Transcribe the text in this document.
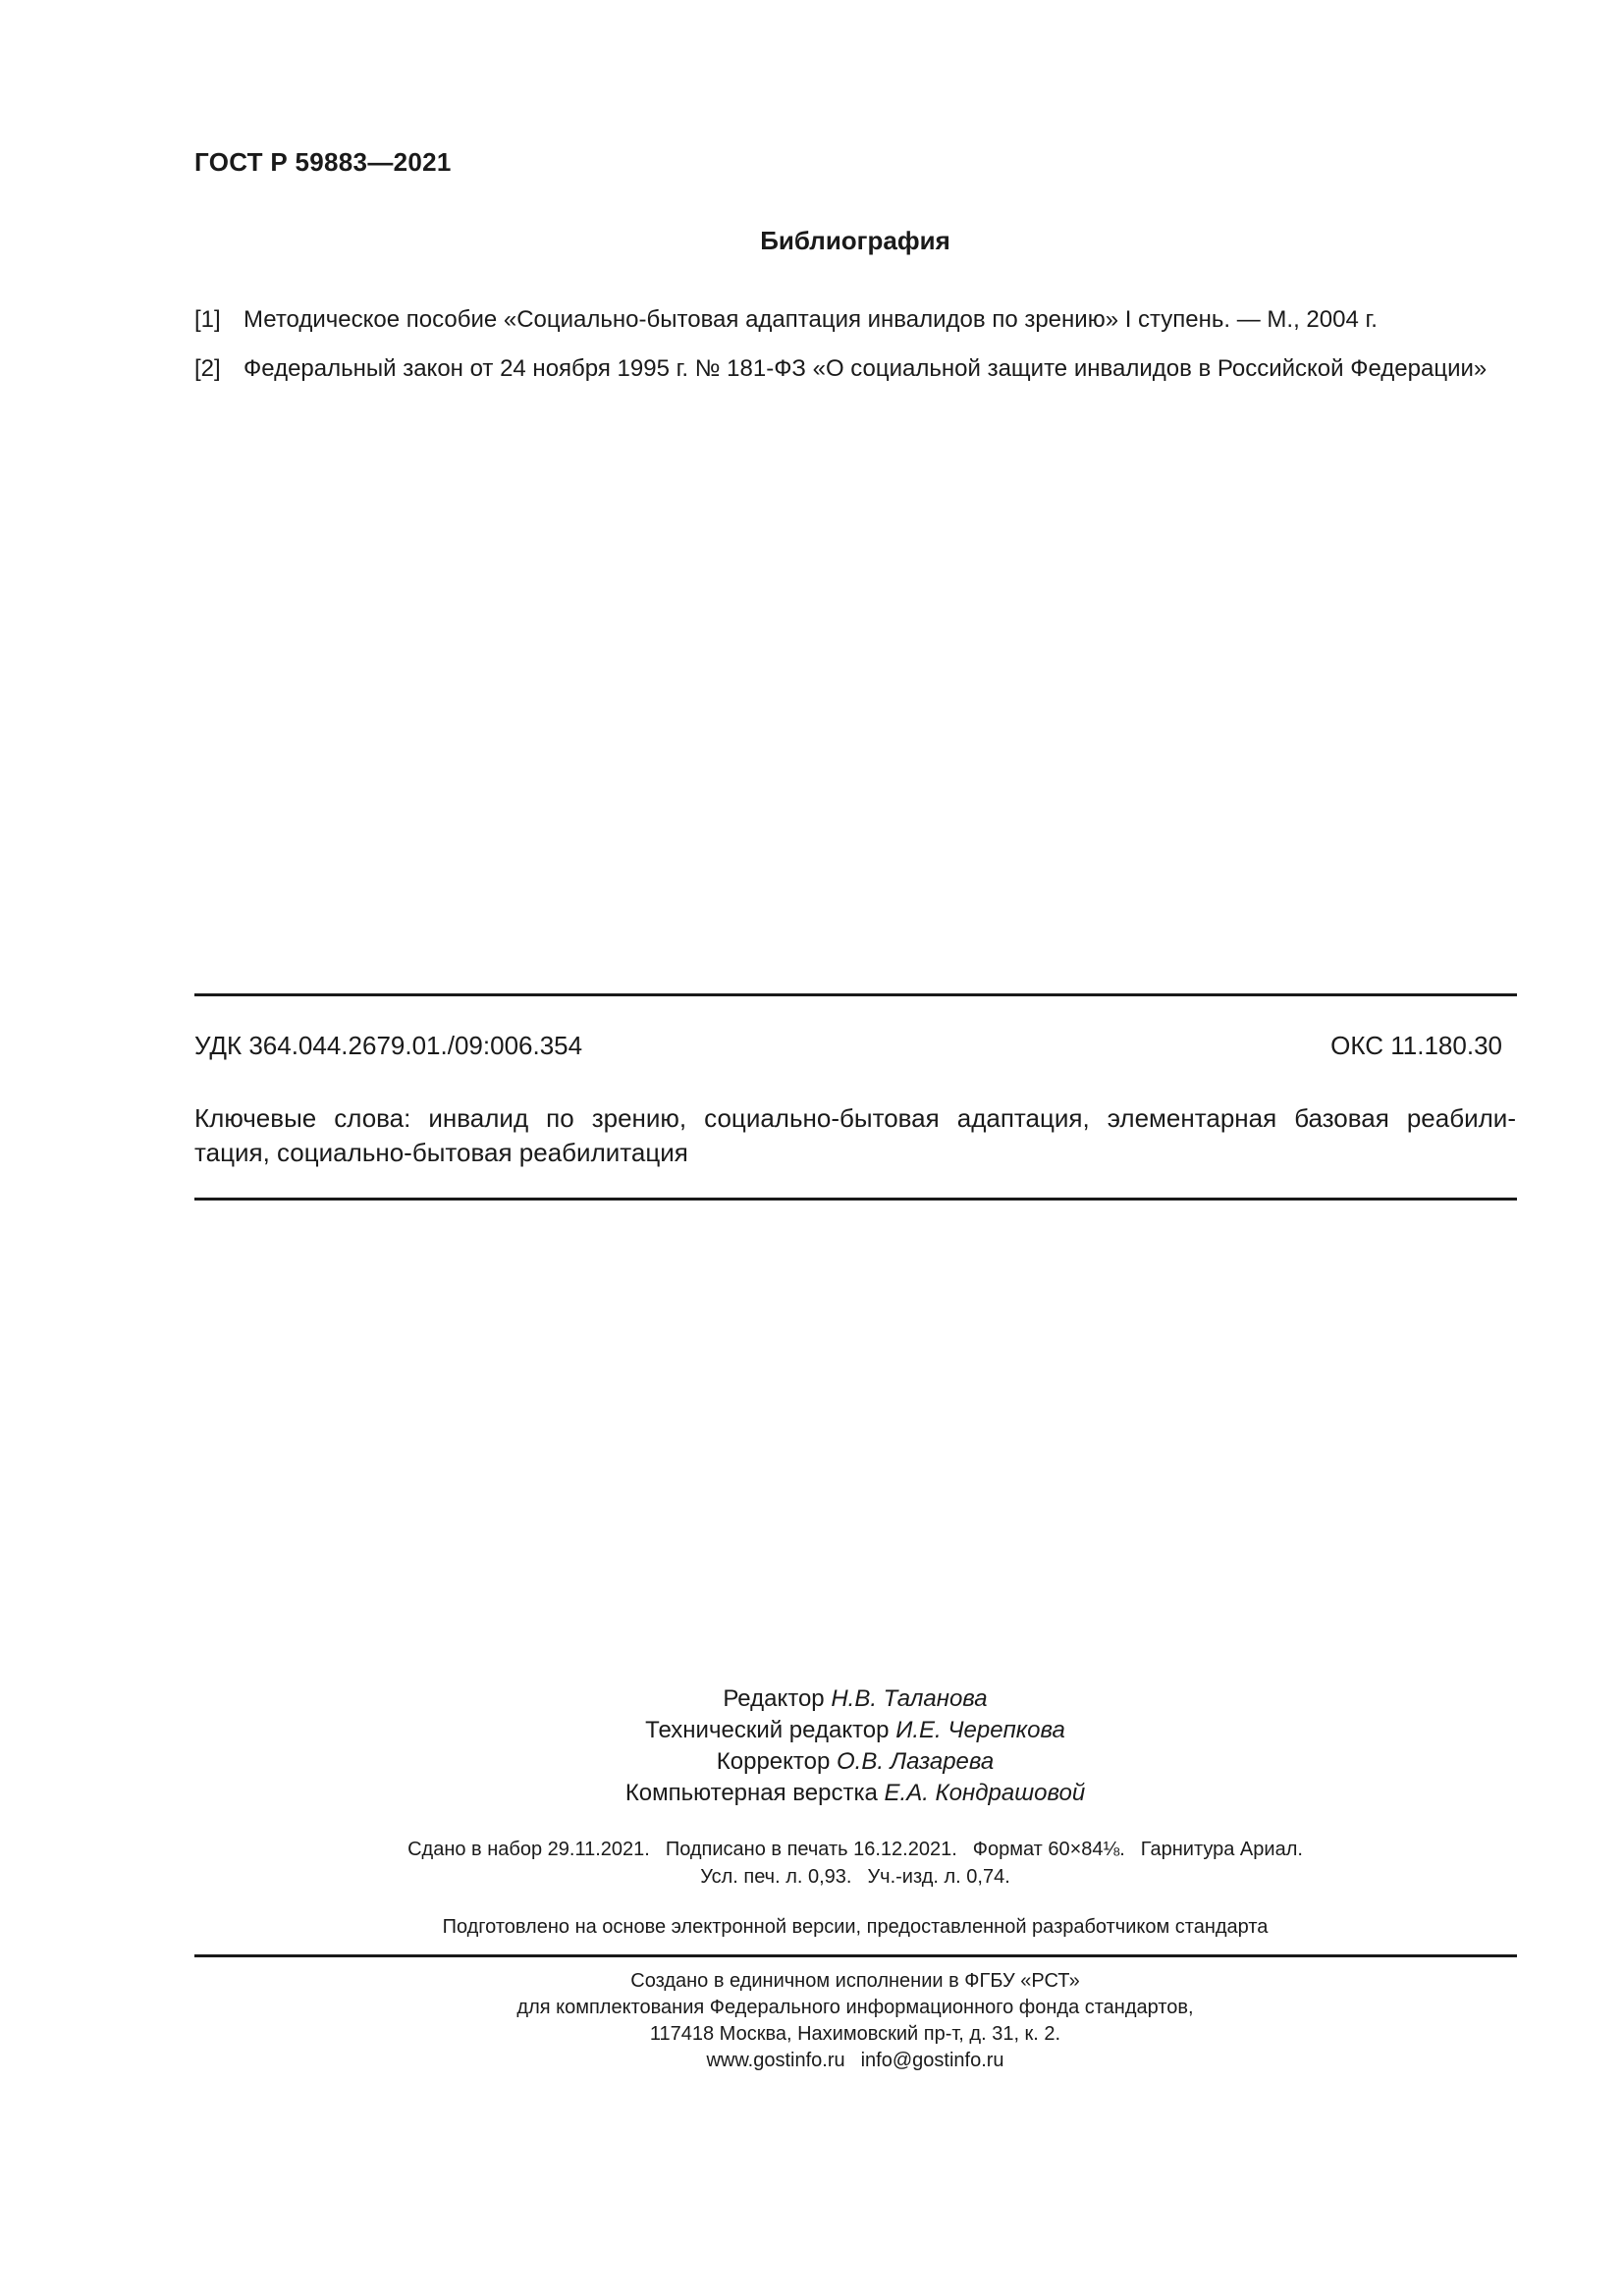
ГОСТ Р 59883—2021
Библиография
[1] Методическое пособие «Социально-бытовая адаптация инвалидов по зрению» I ступень. — М., 2004 г.
[2] Федеральный закон от 24 ноября 1995 г. № 181-ФЗ «О социальной защите инвалидов в Российской Федерации»
УДК 364.044.2679.01./09:006.354	ОКС 11.180.30
Ключевые слова: инвалид по зрению, социально-бытовая адаптация, элементарная базовая реабили-
тация, социально-бытовая реабилитация
Редактор Н.В. Таланова
Технический редактор И.Е. Черепкова
Корректор О.В. Лазарева
Компьютерная верстка Е.А. Кондрашовой
Сдано в набор 29.11.2021. Подписано в печать 16.12.2021. Формат 60×84⅛. Гарнитура Ариал.
Усл. печ. л. 0,93. Уч.-изд. л. 0,74.
Подготовлено на основе электронной версии, предоставленной разработчиком стандарта
Создано в единичном исполнении в ФГБУ «РСТ»
для комплектования Федерального информационного фонда стандартов,
117418 Москва, Нахимовский пр-т, д. 31, к. 2.
www.gostinfo.ru info@gostinfo.ru
